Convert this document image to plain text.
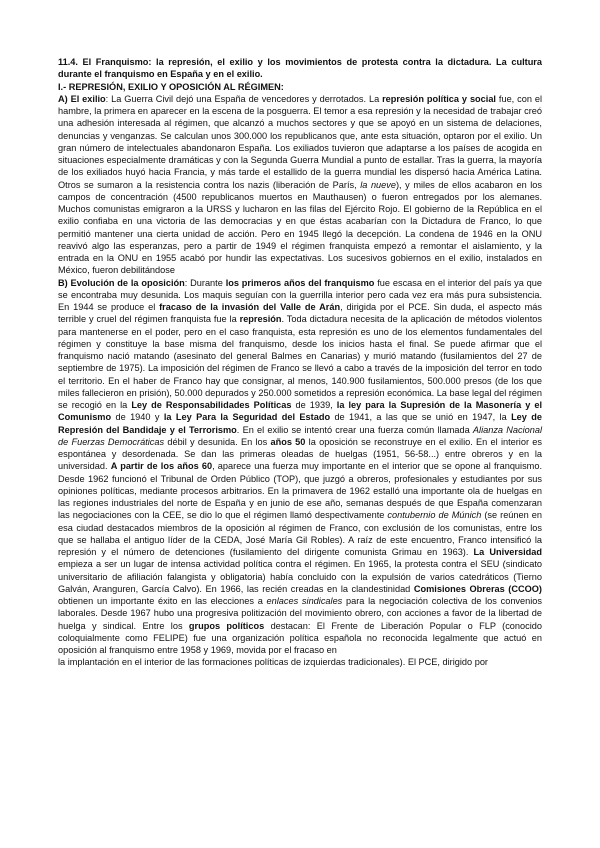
11.4. El Franquismo: la represión, el exilio y los movimientos de protesta contra la dictadura. La cultura durante el franquismo en España y en el exilio.

I.- REPRESIÓN, EXILIO Y OPOSICIÓN AL RÉGIMEN:

A) El exilio: La Guerra Civil dejó una España de vencedores y derrotados. La represión política y social fue, con el hambre, la primera en aparecer en la escena de la posguerra. El temor a esa represión y la necesidad de trabajar creó una adhesión interesada al régimen, que alcanzó a muchos sectores y que se apoyó en un sistema de delaciones, denuncias y venganzas. Se calculan unos 300.000 los republicanos que, ante esta situación, optaron por el exilio. Un gran número de intelectuales abandonaron España. Los exiliados tuvieron que adaptarse a los países de acogida en situaciones especialmente dramáticas y con la Segunda Guerra Mundial a punto de estallar. Tras la guerra, la mayoría de los exiliados huyó hacia Francia, y más tarde el estallido de la guerra mundial les dispersó hacia América Latina. Otros se sumaron a la resistencia contra los nazis (liberación de París, la nueve), y miles de ellos acabaron en los campos de concentración (4500 republicanos muertos en Mauthausen) o fueron entregados por los alemanes. Muchos comunistas emigraron a la URSS y lucharon en las filas del Ejército Rojo. El gobierno de la República en el exilio confiaba en una victoria de las democracias y en que éstas acabarían con la Dictadura de Franco, lo que permitió mantener una cierta unidad de acción. Pero en 1945 llegó la decepción. La condena de 1946 en la ONU reavivó algo las esperanzas, pero a partir de 1949 el régimen franquista empezó a remontar el aislamiento, y la entrada en la ONU en 1955 acabó por hundir las expectativas. Los sucesivos gobiernos en el exilio, instalados en México, fueron debilitándose

B) Evolución de la oposición: Durante los primeros años del franquismo fue escasa en el interior del país ya que se encontraba muy desunida. Los maquis seguían con la guerrilla interior pero cada vez era más pura subsistencia. En 1944 se produce el fracaso de la invasión del Valle de Arán, dirigida por el PCE. Sin duda, el aspecto más terrible y cruel del régimen franquista fue la represión. Toda dictadura necesita de la aplicación de métodos violentos para mantenerse en el poder, pero en el caso franquista, esta represión es uno de los elementos fundamentales del régimen y constituye la base misma del franquismo, desde los inicios hasta el final. Se puede afirmar que el franquismo nació matando (asesinato del general Balmes en Canarias) y murió matando (fusilamientos del 27 de septiembre de 1975). La imposición del régimen de Franco se llevó a cabo a través de la imposición del terror en todo el territorio. En el haber de Franco hay que consignar, al menos, 140.900 fusilamientos, 500.000 presos (de los que miles fallecieron en prisión), 50.000 depurados y 250.000 sometidos a represión económica. La base legal del régimen se recogió en la Ley de Responsabilidades Políticas de 1939, la ley para la Supresión de la Masonería y el Comunismo de 1940 y la Ley Para la Seguridad del Estado de 1941, a las que se unió en 1947, la Ley de Represión del Bandidaje y el Terrorismo. En el exilio se intentó crear una fuerza común llamada Alianza Nacional de Fuerzas Democráticas débil y desunida. En los años 50 la oposición se reconstruye en el exilio. En el interior es espontánea y desordenada. Se dan las primeras oleadas de huelgas (1951, 56-58...) entre obreros y en la universidad. A partir de los años 60, aparece una fuerza muy importante en el interior que se opone al franquismo. Desde 1962 funcionó el Tribunal de Orden Público (TOP), que juzgó a obreros, profesionales y estudiantes por sus opiniones políticas, mediante procesos arbitrarios. En la primavera de 1962 estalló una importante ola de huelgas en las regiones industriales del norte de España y en junio de ese año, semanas después de que España comenzaran las negociaciones con la CEE, se dio lo que el régimen llamó despectivamente contubernio de Múnich (se reúnen en esa ciudad destacados miembros de la oposición al régimen de Franco, con exclusión de los comunistas, entre los que se hallaba el antiguo líder de la CEDA, José María Gil Robles). A raíz de este encuentro, Franco intensificó la represión y el número de detenciones (fusilamiento del dirigente comunista Grimau en 1963). La Universidad empieza a ser un lugar de intensa actividad política contra el régimen. En 1965, la protesta contra el SEU (sindicato universitario de afiliación falangista y obligatoria) había concluido con la expulsión de varios catedráticos (Tierno Galván, Aranguren, García Calvo). En 1966, las recién creadas en la clandestinidad Comisiones Obreras (CCOO) obtienen un importante éxito en las elecciones a enlaces sindicales para la negociación colectiva de los convenios laborales. Desde 1967 hubo una progresiva politización del movimiento obrero, con acciones a favor de la libertad de huelga y sindical. Entre los grupos políticos destacan: El Frente de Liberación Popular o FLP (conocido coloquialmente como FELIPE) fue una organización política española no reconocida legalmente que actuó en oposición al franquismo entre 1958 y 1969, movida por el fracaso en

la implantación en el interior de las formaciones políticas de izquierdas tradicionales). El PCE, dirigido por
